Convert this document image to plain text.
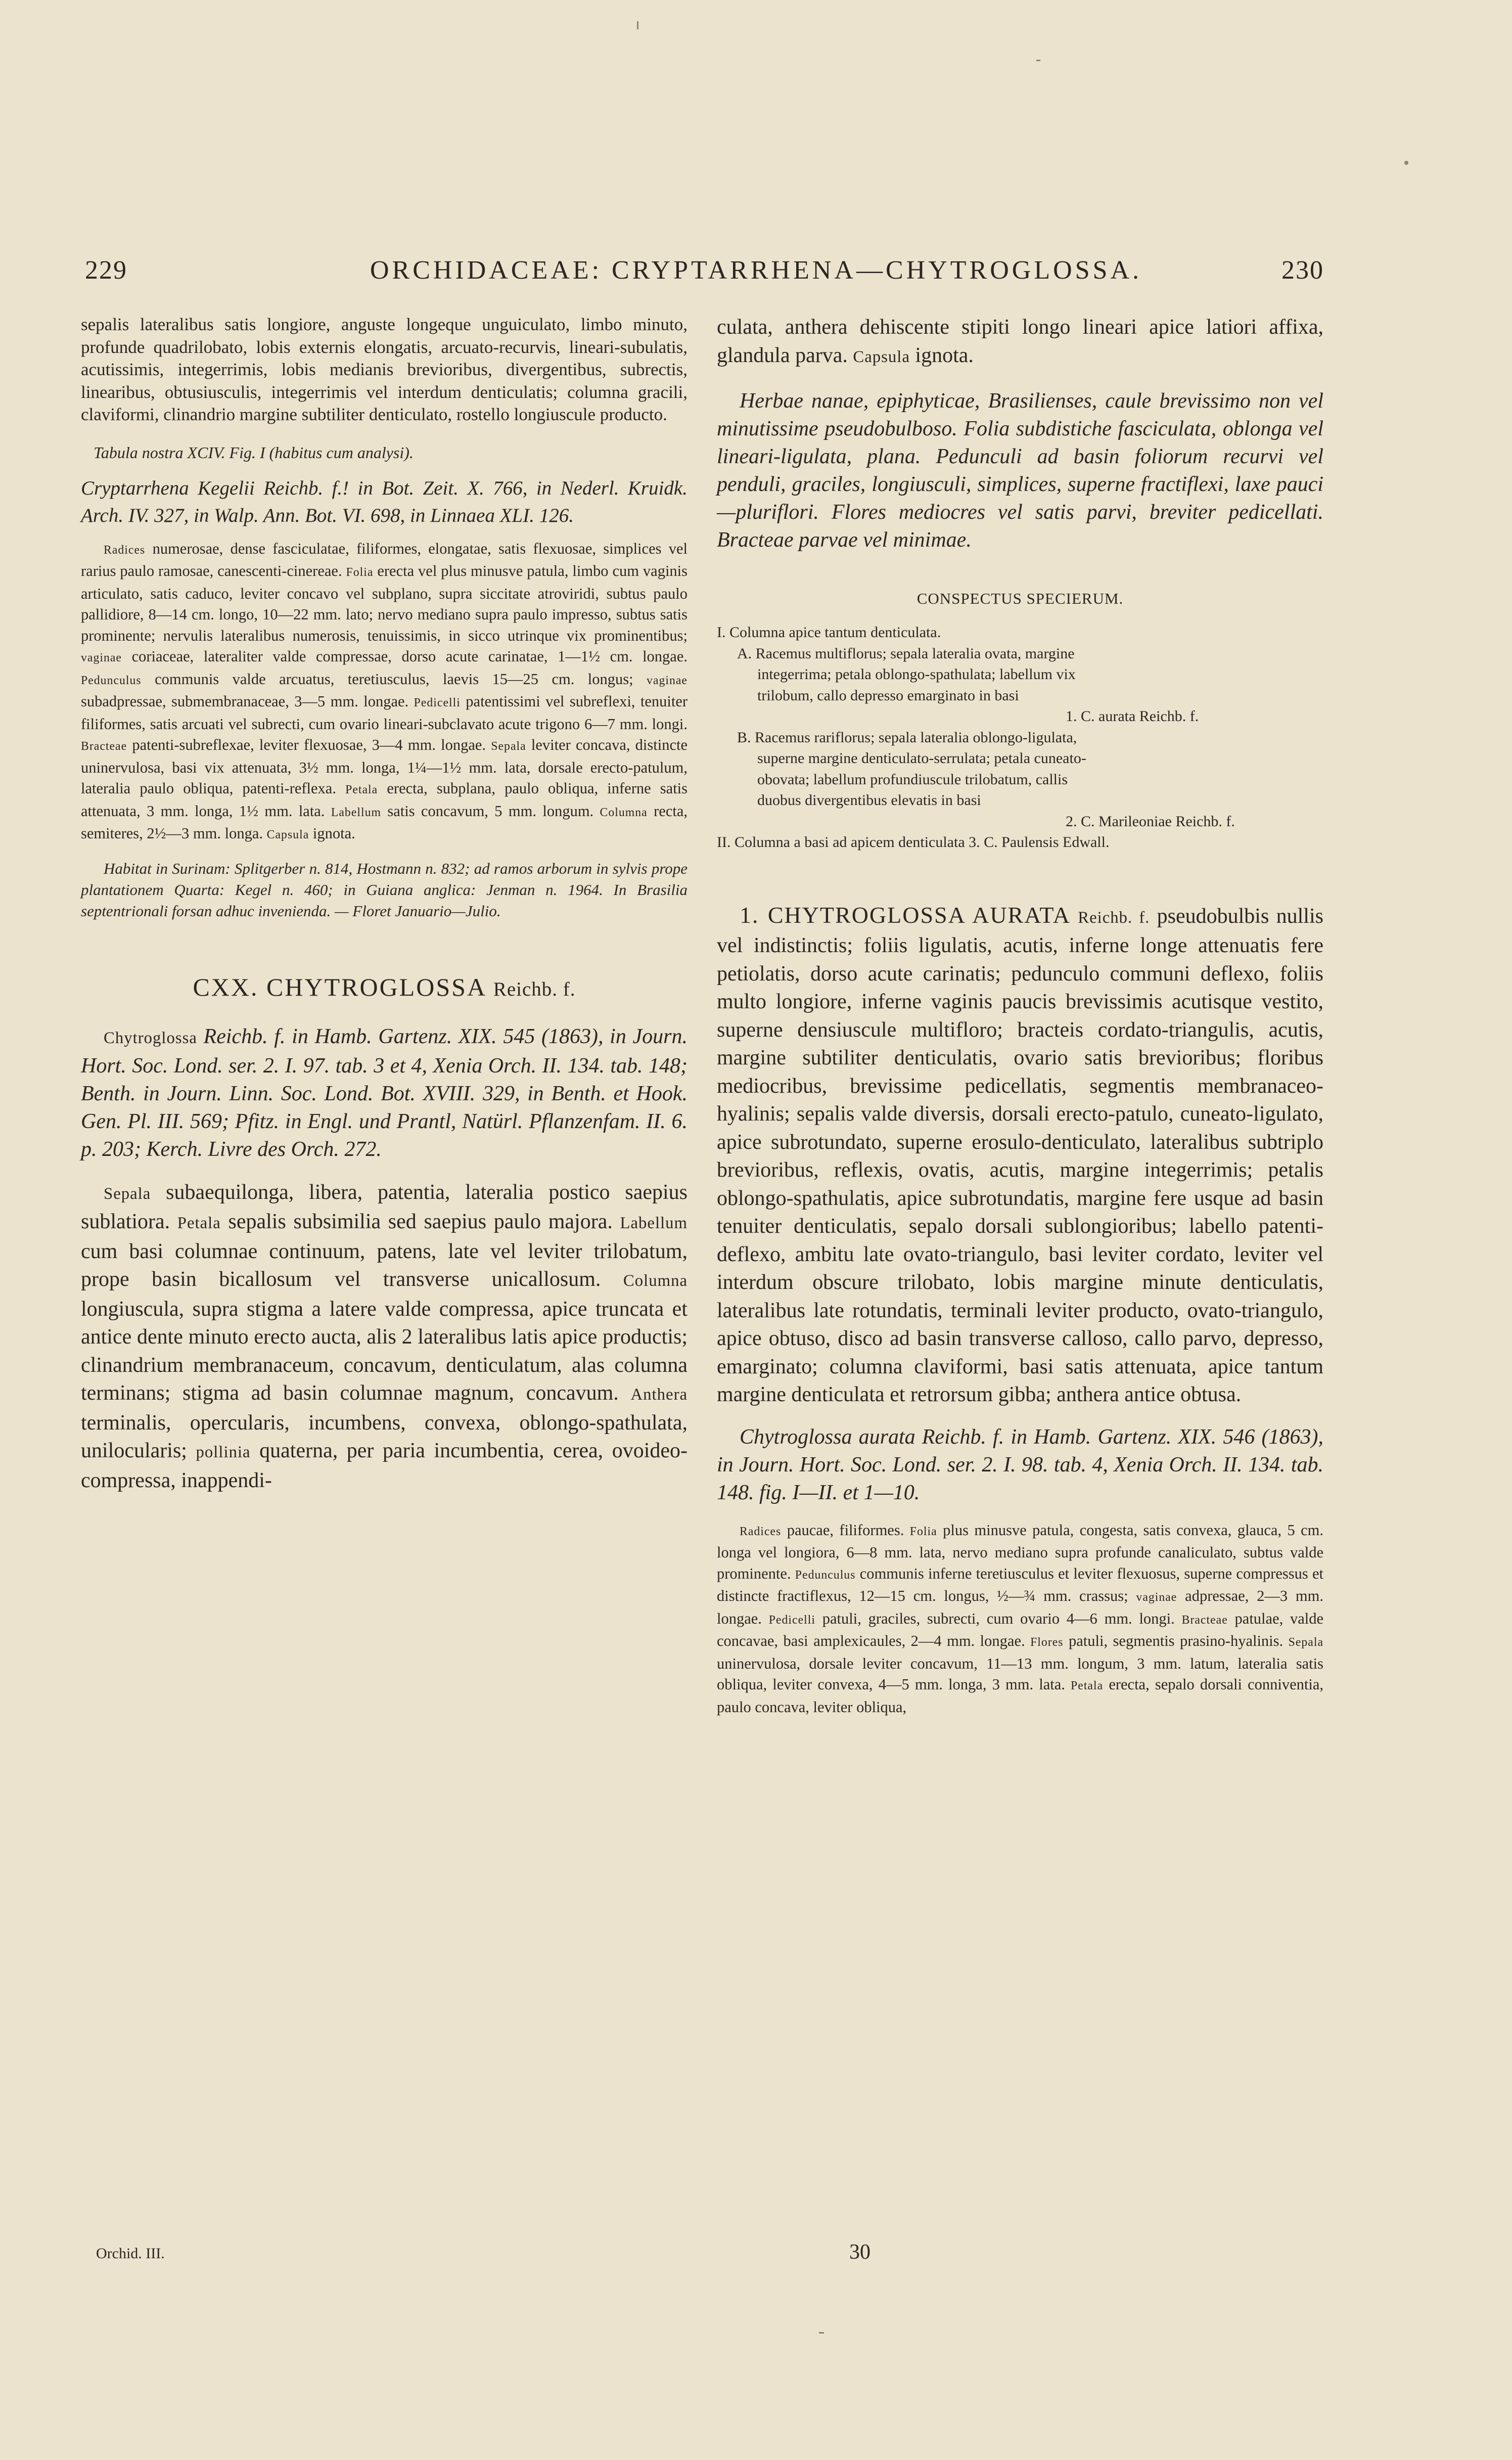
229	ORCHIDACEAE: CRYPTARRHENA—CHYTROGLOSSA.	230

sepalis lateralibus satis longiore, anguste longeque unguiculato, limbo minuto, profunde quadrilobato, lobis externis elongatis, arcuato-recurvis, lineari-subulatis, acutissimis, integerrimis, lobis medianis brevioribus, divergentibus, subrectis, linearibus, obtusiusculis, integerrimis vel interdum denticulatis; columna gracili, claviformi, clinandrio margine subtiliter denticulato, rostello longiuscule producto.

Tabula nostra XCIV. Fig. I (habitus cum analysi).

Cryptarrhena Kegelii Reichb. f.! in Bot. Zeit. X. 766, in Nederl. Kruidk. Arch. IV. 327, in Walp. Ann. Bot. VI. 698, in Linnaea XLI. 126.

Radices numerosae, dense fasciculatae, filiformes, elongatae, satis flexuosae, simplices vel rarius paulo ramosae, canescenti-cinereae. Folia erecta vel plus minusve patula, limbo cum vaginis articulato, satis caduco, leviter concavo vel subplano, supra siccitate atroviridi, subtus paulo pallidiore, 8—14 cm. longo, 10—22 mm. lato; nervo mediano supra paulo impresso, subtus satis prominente; nervulis lateralibus numerosis, tenuissimis, in sicco utrinque vix prominentibus; vaginae coriaceae, lateraliter valde compressae, dorso acute carinatae, 1—1½ cm. longae. Pedunculus communis valde arcuatus, teretiusculus, laevis 15—25 cm. longus; vaginae subadpressae, submembranaceae, 3—5 mm. longae. Pedicelli patentissimi vel subreflexi, tenuiter filiformes, satis arcuati vel subrecti, cum ovario lineari-subclavato acute trigono 6—7 mm. longi. Bracteae patenti-subreflexae, leviter flexuosae, 3—4 mm. longae. Sepala leviter concava, distincte uninervulosa, basi vix attenuata, 3½ mm. longa, 1¼—1½ mm. lata, dorsale erecto-patulum, lateralia paulo obliqua, patenti-reflexa. Petala erecta, subplana, paulo obliqua, inferne satis attenuata, 3 mm. longa, 1½ mm. lata. Labellum satis concavum, 5 mm. longum. Columna recta, semiteres, 2½—3 mm. longa. Capsula ignota.

Habitat in Surinam: Splitgerber n. 814, Hostmann n. 832; ad ramos arborum in sylvis prope plantationem Quarta: Kegel n. 460; in Guiana anglica: Jenman n. 1964. In Brasilia septentrionali forsan adhuc invenienda. — Floret Januario—Julio.

CXX. CHYTROGLOSSA Reichb. f.

Chytroglossa Reichb. f. in Hamb. Gartenz. XIX. 545 (1863), in Journ. Hort. Soc. Lond. ser. 2. I. 97. tab. 3 et 4, Xenia Orch. II. 134. tab. 148; Benth. in Journ. Linn. Soc. Lond. Bot. XVIII. 329, in Benth. et Hook. Gen. Pl. III. 569; Pfitz. in Engl. und Prantl, Natürl. Pflanzenfam. II. 6. p. 203; Kerch. Livre des Orch. 272.

Sepala subaequilonga, libera, patentia, lateralia postico saepius sublatiora. Petala sepalis subsimilia sed saepius paulo majora. Labellum cum basi columnae continuum, patens, late vel leviter trilobatum, prope basin bicallosum vel transverse unicallosum. Columna longiuscula, supra stigma a latere valde compressa, apice truncata et antice dente minuto erecto aucta, alis 2 lateralibus latis apice productis; clinandrium membranaceum, concavum, denticulatum, alas columna terminans; stigma ad basin columnae magnum, concavum. Anthera terminalis, opercularis, incumbens, convexa, oblongo-spathulata, unilocularis; pollinia quaterna, per paria incumbentia, cerea, ovoideo-compressa, inappendi-

Orchid. III.

culata, anthera dehiscente stipiti longo lineari apice latiori affixa, glandula parva. Capsula ignota.

Herbae nanae, epiphyticae, Brasilienses, caule brevissimo non vel minutissime pseudobulboso. Folia subdistiche fasciculata, oblonga vel lineari-ligulata, plana. Pedunculi ad basin foliorum recurvi vel penduli, graciles, longiusculi, simplices, superne fractiflexi, laxe pauci—pluriflori. Flores mediocres vel satis parvi, breviter pedicellati. Bracteae parvae vel minimae.

CONSPECTUS SPECIERUM.

I. Columna apice tantum denticulata.
A. Racemus multiflorus; sepala lateralia ovata, margine
integerrima; petala oblongo-spathulata; labellum vix
trilobum, callo depresso emarginato in basi
1. C. aurata Reichb. f.
B. Racemus rariflorus; sepala lateralia oblongo-ligulata,
superne margine denticulato-serrulata; petala cuneato-
obovata; labellum profundiuscule trilobatum, callis
duobus divergentibus elevatis in basi
2. C. Marileoniae Reichb. f.
II. Columna a basi ad apicem denticulata 3. C. Paulensis Edwall.

1. CHYTROGLOSSA AURATA Reichb. f. pseudobulbis nullis vel indistinctis; foliis ligulatis, acutis, inferne longe attenuatis fere petiolatis, dorso acute carinatis; pedunculo communi deflexo, foliis multo longiore, inferne vaginis paucis brevissimis acutisque vestito, superne densiuscule multifloro; bracteis cordato-triangulis, acutis, margine subtiliter denticulatis, ovario satis brevioribus; floribus mediocribus, brevissime pedicellatis, segmentis membranaceo-hyalinis; sepalis valde diversis, dorsali erecto-patulo, cuneato-ligulato, apice subrotundato, superne erosulo-denticulato, lateralibus subtriplo brevioribus, reflexis, ovatis, acutis, margine integerrimis; petalis oblongo-spathulatis, apice subrotundatis, margine fere usque ad basin tenuiter denticulatis, sepalo dorsali sublongioribus; labello patenti-deflexo, ambitu late ovato-triangulo, basi leviter cordato, leviter vel interdum obscure trilobato, lobis margine minute denticulatis, lateralibus late rotundatis, terminali leviter producto, ovato-triangulo, apice obtuso, disco ad basin transverse calloso, callo parvo, depresso, emarginato; columna claviformi, basi satis attenuata, apice tantum margine denticulata et retrorsum gibba; anthera antice obtusa.

Chytroglossa aurata Reichb. f. in Hamb. Gartenz. XIX. 546 (1863), in Journ. Hort. Soc. Lond. ser. 2. I. 98. tab. 4, Xenia Orch. II. 134. tab. 148. fig. I—II. et 1—10.

Radices paucae, filiformes. Folia plus minusve patula, congesta, satis convexa, glauca, 5 cm. longa vel longiora, 6—8 mm. lata, nervo mediano supra profunde canaliculato, subtus valde prominente. Pedunculus communis inferne teretiusculus et leviter flexuosus, superne compressus et distincte fractiflexus, 12—15 cm. longus, ½—¾ mm. crassus; vaginae adpressae, 2—3 mm. longae. Pedicelli patuli, graciles, subrecti, cum ovario 4—6 mm. longi. Bracteae patulae, valde concavae, basi amplexicaules, 2—4 mm. longae. Flores patuli, segmentis prasino-hyalinis. Sepala uninervulosa, dorsale leviter concavum, 11—13 mm. longum, 3 mm. latum, lateralia satis obliqua, leviter convexa, 4—5 mm. longa, 3 mm. lata. Petala erecta, sepalo dorsali conniventia, paulo concava, leviter obliqua,

30
